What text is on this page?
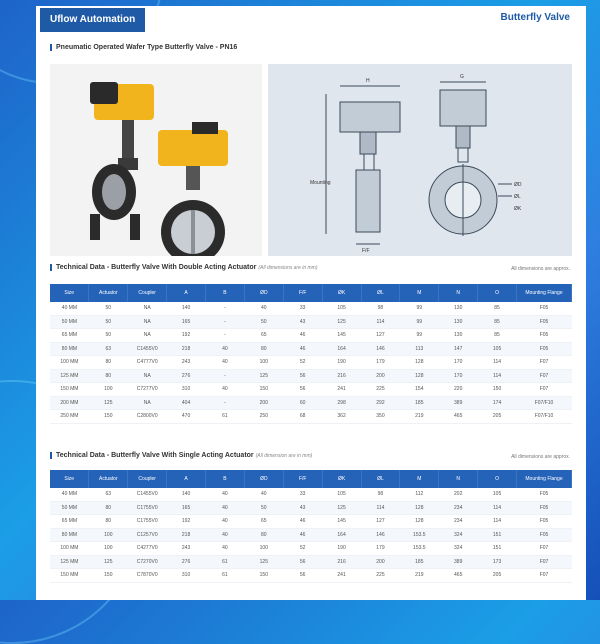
Uflow Automation	Butterfly Valve
Pneumatic Operated Wafer Type Butterfly Valve - PN16
H
Mounting
F/F
G
ØD
ØL
ØK
Technical Data - Butterfly Valve With Double Acting Actuator (All dimensions are in mm)	All dimensions are approx.
Size	Actuator	Coupler	A	B	ØD	F/F	ØK	ØL	M	N	O	Mounting Flange
40 MM	50	NA	140	-	40	33	105	98	99	130	85	F05
50 MM	50	NA	165	-	50	43	125	114	99	130	85	F05
65 MM	50	NA	192	-	65	46	145	127	99	130	85	F05
80 MM	63	C1455V0	218	40	80	46	164	146	113	147	105	F05
100 MM	80	C4777V0	243	40	100	52	190	179	128	170	114	F07
125 MM	80	NA	276	-	125	56	216	200	128	170	114	F07
150 MM	100	C7277V0	310	40	150	56	241	225	154	220	150	F07
200 MM	125	NA	404	-	200	60	298	292	185	389	174	F07/F10
250 MM	150	C2800V0	470	61	250	68	362	350	219	465	205	F07/F10
Technical Data - Butterfly Valve With Single Acting Actuator (All dimension are in mm)	All dimensions are approx.
Size	Actuator	Coupler	A	B	ØD	F/F	ØK	ØL	M	N	O	Mounting Flange
40 MM	63	C1455V0	140	40	40	33	105	98	112	202	105	F05
50 MM	80	C1755V0	165	40	50	43	125	114	128	234	114	F05
65 MM	80	C1755V0	192	40	65	46	145	127	128	234	114	F05
80 MM	100	C1257V0	218	40	80	46	164	146	153.5	324	151	F05
100 MM	100	C4277V0	243	40	100	52	190	179	153.5	324	151	F07
125 MM	125	C7270V0	276	61	125	56	216	200	185	389	173	F07
150 MM	150	C7870V0	310	61	150	56	241	225	219	465	205	F07
